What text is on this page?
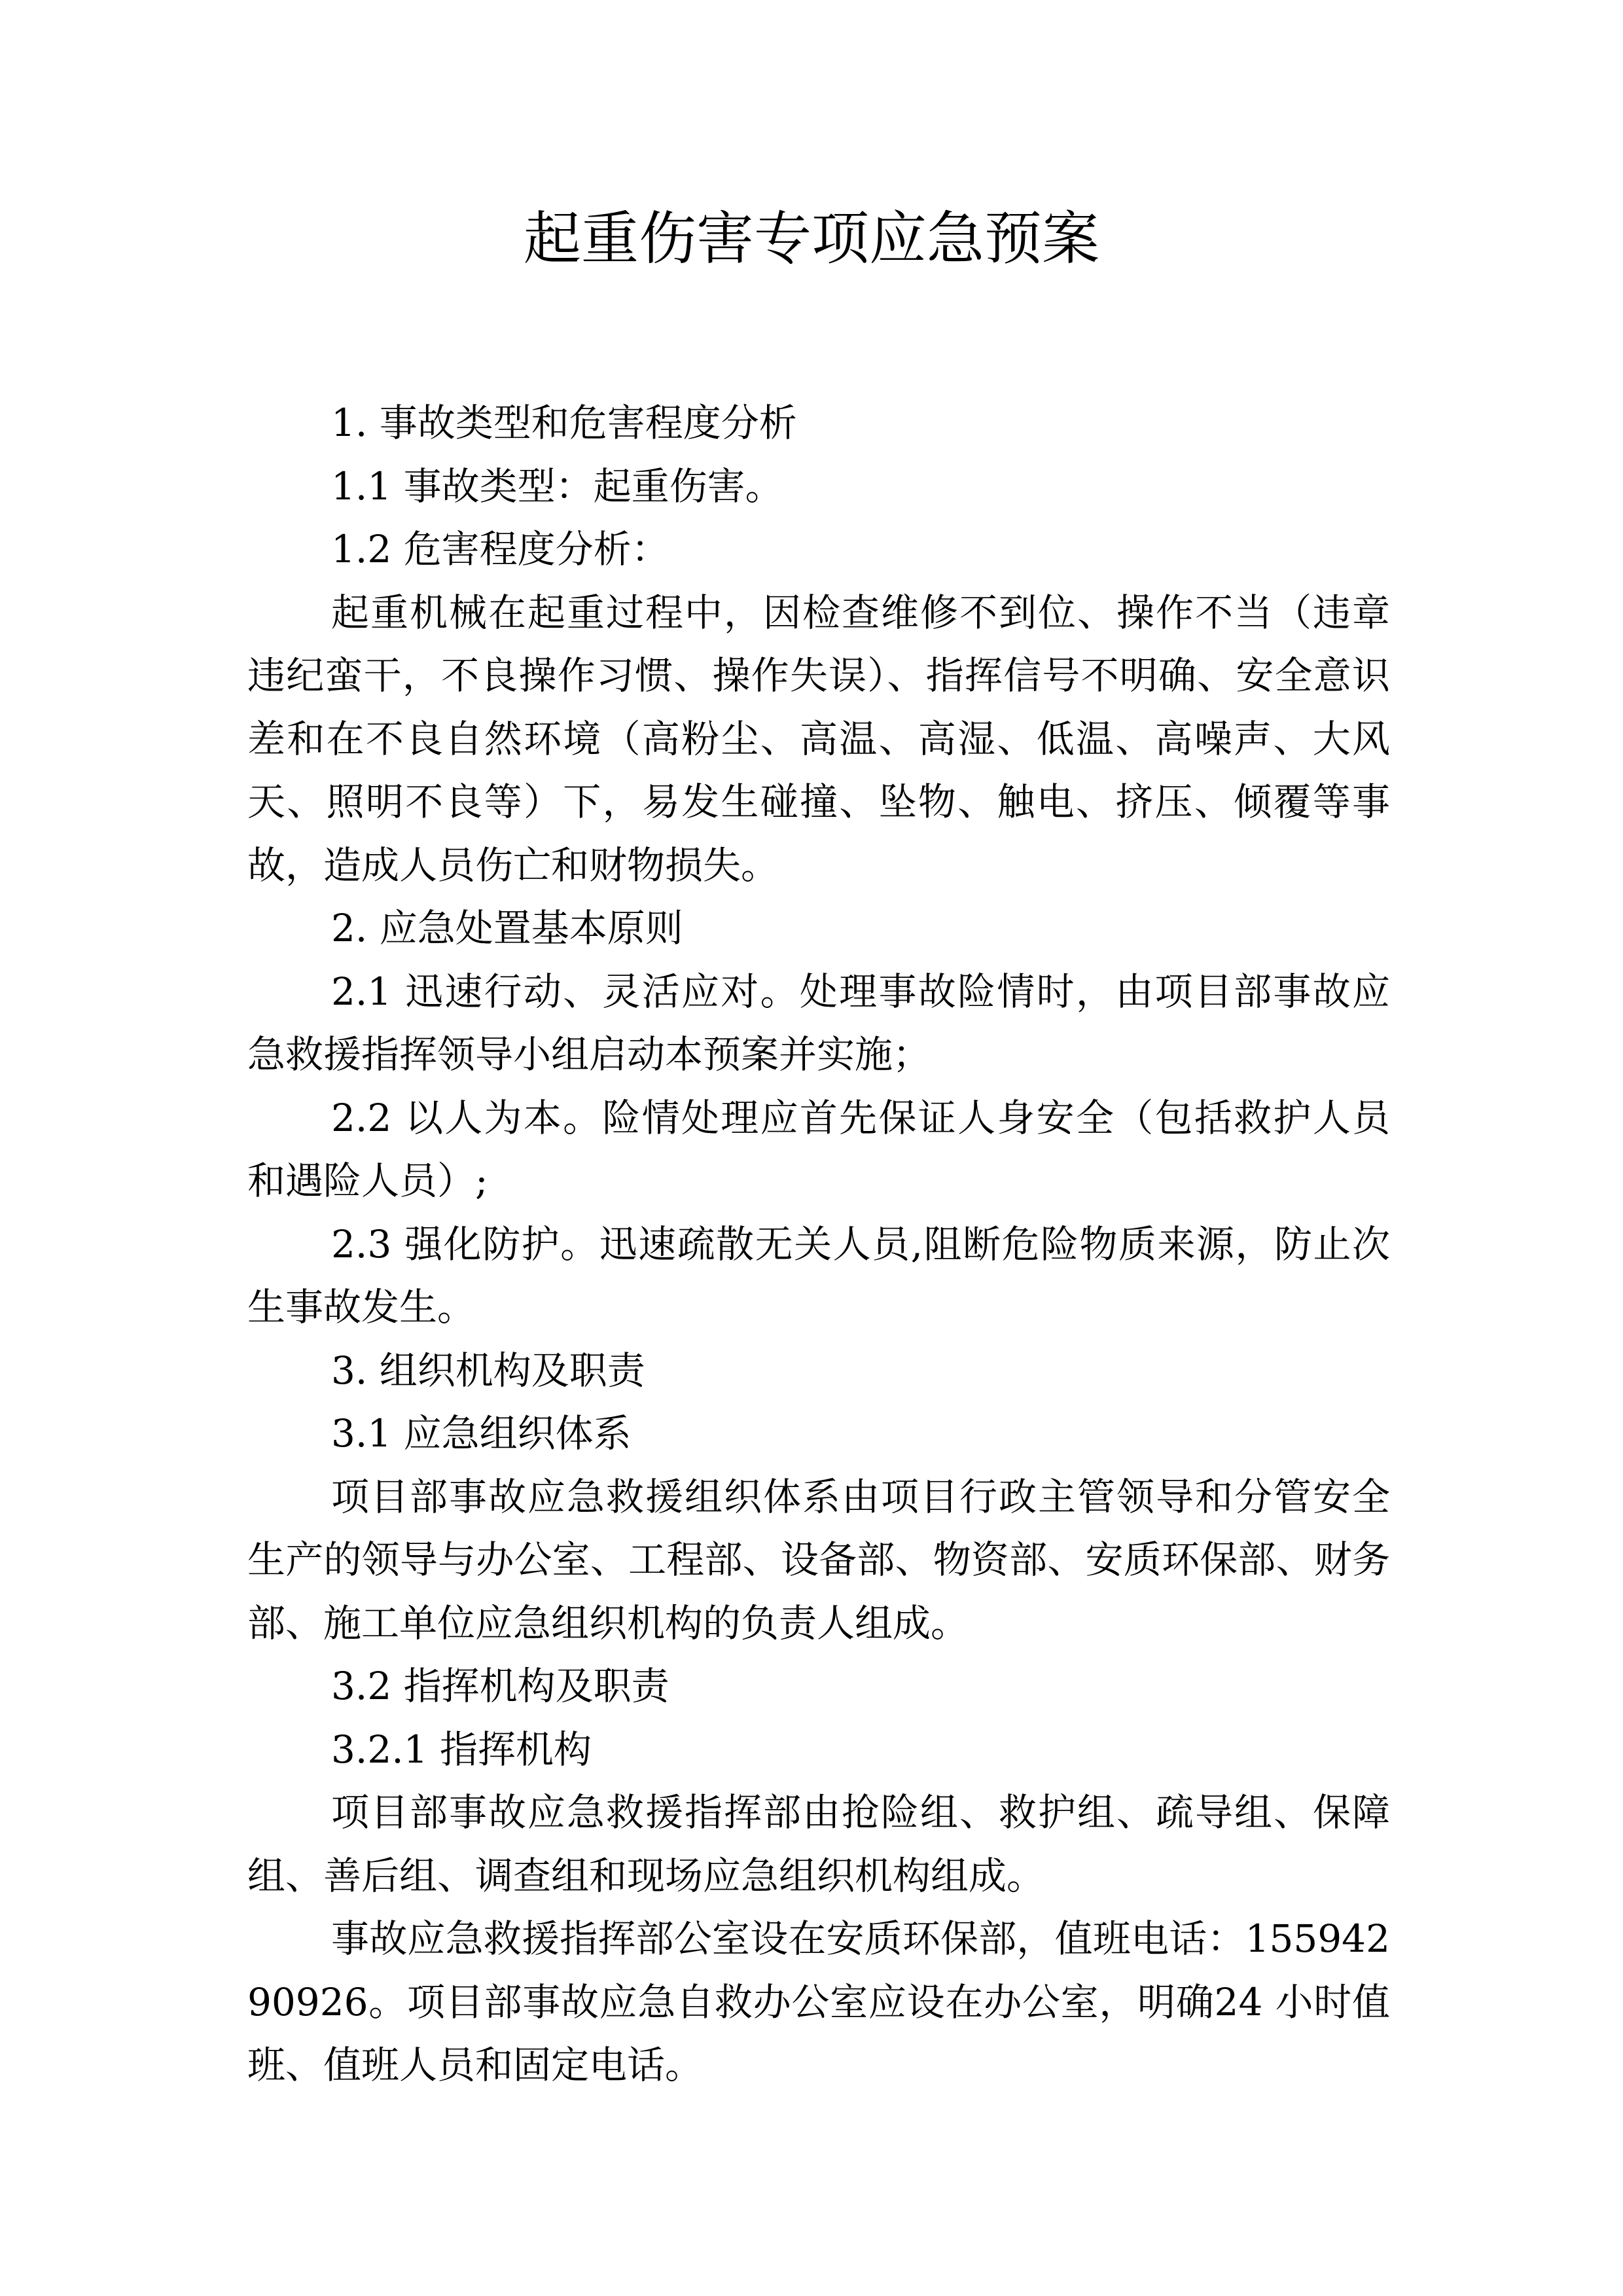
起重伤害专项应急预案

1. 事故类型和危害程度分析

1.1 事故类型：起重伤害。

1.2 危害程度分析：

起重机械在起重过程中，因检查维修不到位、操作不当（违章违纪蛮干，不良操作习惯、操作失误）、指挥信号不明确、安全意识差和在不良自然环境（高粉尘、高温、高湿、低温、高噪声、大风天、照明不良等）下，易发生碰撞、坠物、触电、挤压、倾覆等事故，造成人员伤亡和财物损失。

2. 应急处置基本原则

2.1 迅速行动、灵活应对。处理事故险情时，由项目部事故应急救援指挥领导小组启动本预案并实施；

2.2 以人为本。险情处理应首先保证人身安全（包括救护人员和遇险人员）;

2.3 强化防护。迅速疏散无关人员,阻断危险物质来源，防止次生事故发生。

3. 组织机构及职责

3.1 应急组织体系

项目部事故应急救援组织体系由项目行政主管领导和分管安全生产的领导与办公室、工程部、设备部、物资部、安质环保部、财务部、施工单位应急组织机构的负责人组成。

3.2 指挥机构及职责

3.2.1 指挥机构

项目部事故应急救援指挥部由抢险组、救护组、疏导组、保障组、善后组、调查组和现场应急组织机构组成。

事故应急救援指挥部公室设在安质环保部，值班电话：15594290926。项目部事故应急自救办公室应设在办公室，明确24 小时值班、值班人员和固定电话。
